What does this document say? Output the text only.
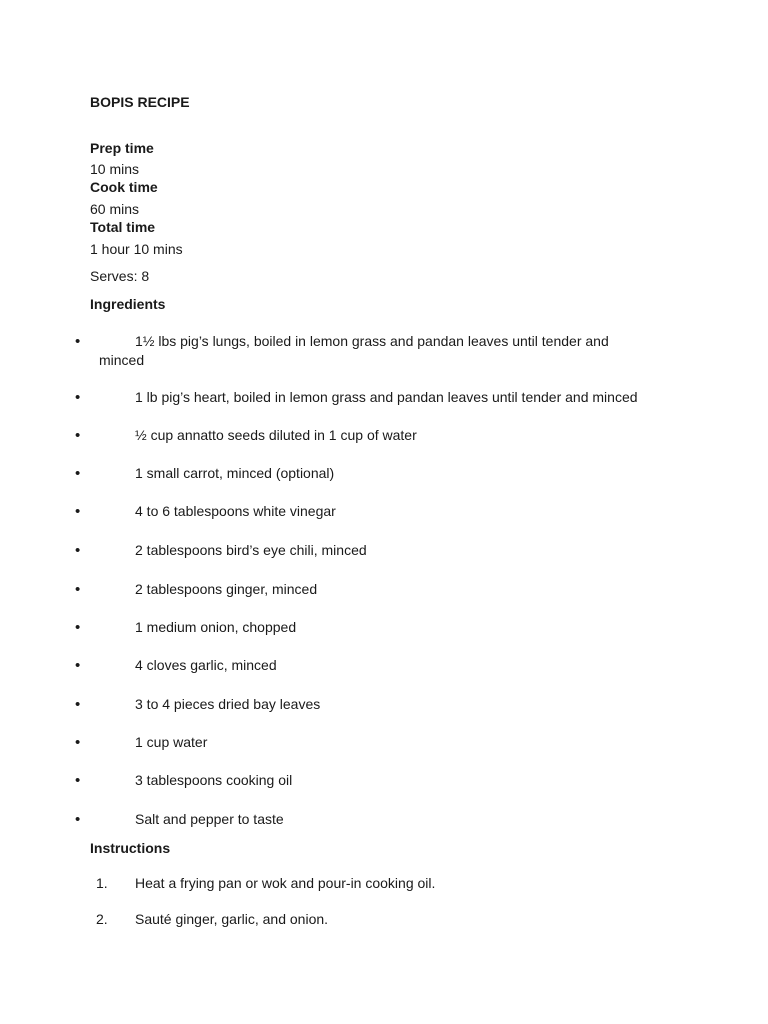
BOPIS RECIPE
Prep time
10 mins
Cook time
60 mins
Total time
1 hour 10 mins
Serves: 8
Ingredients
•	1½ lbs pig’s lungs, boiled in lemon grass and pandan leaves until tender and
minced
•	1 lb pig’s heart, boiled in lemon grass and pandan leaves until tender and minced
•	½ cup annatto seeds diluted in 1 cup of water
•	1 small carrot, minced (optional)
•	4 to 6 tablespoons white vinegar
•	2 tablespoons bird’s eye chili, minced
•	2 tablespoons ginger, minced
•	1 medium onion, chopped
•	4 cloves garlic, minced
•	3 to 4 pieces dried bay leaves
•	1 cup water
•	3 tablespoons cooking oil
•	Salt and pepper to taste
Instructions
1. Heat a frying pan or wok and pour-in cooking oil.
2. Sauté ginger, garlic, and onion.
